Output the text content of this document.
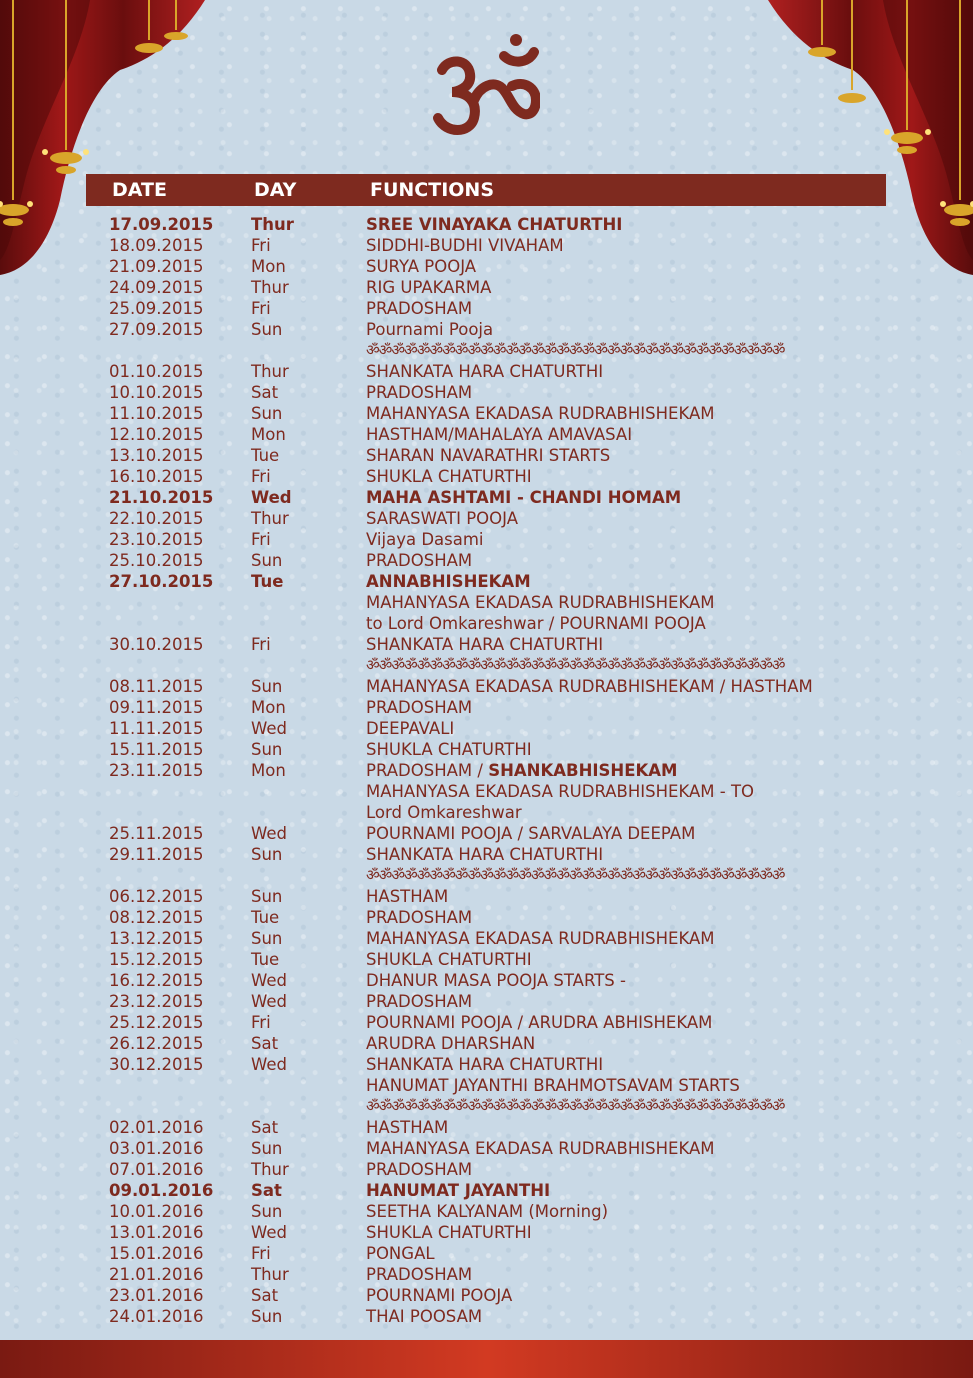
DATE	DAY	FUNCTIONS
17.09.2015 Thur	SREE VINAYAKA CHATURTHI
18.09.2015	Fri	SIDDHI-BUDHI VIVAHAM
21.09.2015	Mon	SURYA POOJA
24.09.2015	Thur	RIG UPAKARMA
25.09.2015	Fri	PRADOSHAM
27.09.2015	Sun	Pournami Pooja
ॐॐॐॐॐॐॐॐॐॐॐॐॐॐॐॐॐॐॐॐॐॐॐॐॐॐॐॐॐॐॐॐॐ
01.10.2015	Thur	SHANKATA HARA CHATURTHI
10.10.2015	Sat	PRADOSHAM
11.10.2015	Sun	MAHANYASA EKADASA RUDRABHISHEKAM
12.10.2015	Mon	HASTHAM/MAHALAYA AMAVASAI
13.10.2015	Tue	SHARAN NAVARATHRI STARTS
16.10.2015	Fri	SHUKLA CHATURTHI
21.10.2015 Wed	MAHA ASHTAMI - CHANDI HOMAM
22.10.2015	Thur	SARASWATI POOJA
23.10.2015	Fri	Vijaya Dasami
25.10.2015	Sun	PRADOSHAM
27.10.2015 Tue	ANNABHISHEKAM
MAHANYASA EKADASA RUDRABHISHEKAM
to Lord Omkareshwar / POURNAMI POOJA
30.10.2015	Fri	SHANKATA HARA CHATURTHI
ॐॐॐॐॐॐॐॐॐॐॐॐॐॐॐॐॐॐॐॐॐॐॐॐॐॐॐॐॐॐॐॐॐ
08.11.2015	Sun	MAHANYASA EKADASA RUDRABHISHEKAM / HASTHAM
09.11.2015	Mon	PRADOSHAM
11.11.2015	Wed	DEEPAVALI
15.11.2015	Sun	SHUKLA CHATURTHI
23.11.2015	Mon	PRADOSHAM / SHANKABHISHEKAM
MAHANYASA EKADASA RUDRABHISHEKAM - TO
Lord Omkareshwar
25.11.2015	Wed	POURNAMI POOJA / SARVALAYA DEEPAM
29.11.2015	Sun	SHANKATA HARA CHATURTHI
ॐॐॐॐॐॐॐॐॐॐॐॐॐॐॐॐॐॐॐॐॐॐॐॐॐॐॐॐॐॐॐॐॐ
06.12.2015	Sun	HASTHAM
08.12.2015	Tue	PRADOSHAM
13.12.2015	Sun	MAHANYASA EKADASA RUDRABHISHEKAM
15.12.2015	Tue	SHUKLA CHATURTHI
16.12.2015	Wed	DHANUR MASA POOJA STARTS -
23.12.2015	Wed	PRADOSHAM
25.12.2015	Fri	POURNAMI POOJA / ARUDRA ABHISHEKAM
26.12.2015	Sat	ARUDRA DHARSHAN
30.12.2015	Wed	SHANKATA HARA CHATURTHI
HANUMAT JAYANTHI BRAHMOTSAVAM STARTS
ॐॐॐॐॐॐॐॐॐॐॐॐॐॐॐॐॐॐॐॐॐॐॐॐॐॐॐॐॐॐॐॐॐ
02.01.2016	Sat	HASTHAM
03.01.2016	Sun	MAHANYASA EKADASA RUDRABHISHEKAM
07.01.2016	Thur	PRADOSHAM
09.01.2016 Sat	HANUMAT JAYANTHI
10.01.2016	Sun	SEETHA KALYANAM (Morning)
13.01.2016	Wed	SHUKLA CHATURTHI
15.01.2016	Fri	PONGAL
21.01.2016	Thur	PRADOSHAM
23.01.2016	Sat	POURNAMI POOJA
24.01.2016	Sun	THAI POOSAM
